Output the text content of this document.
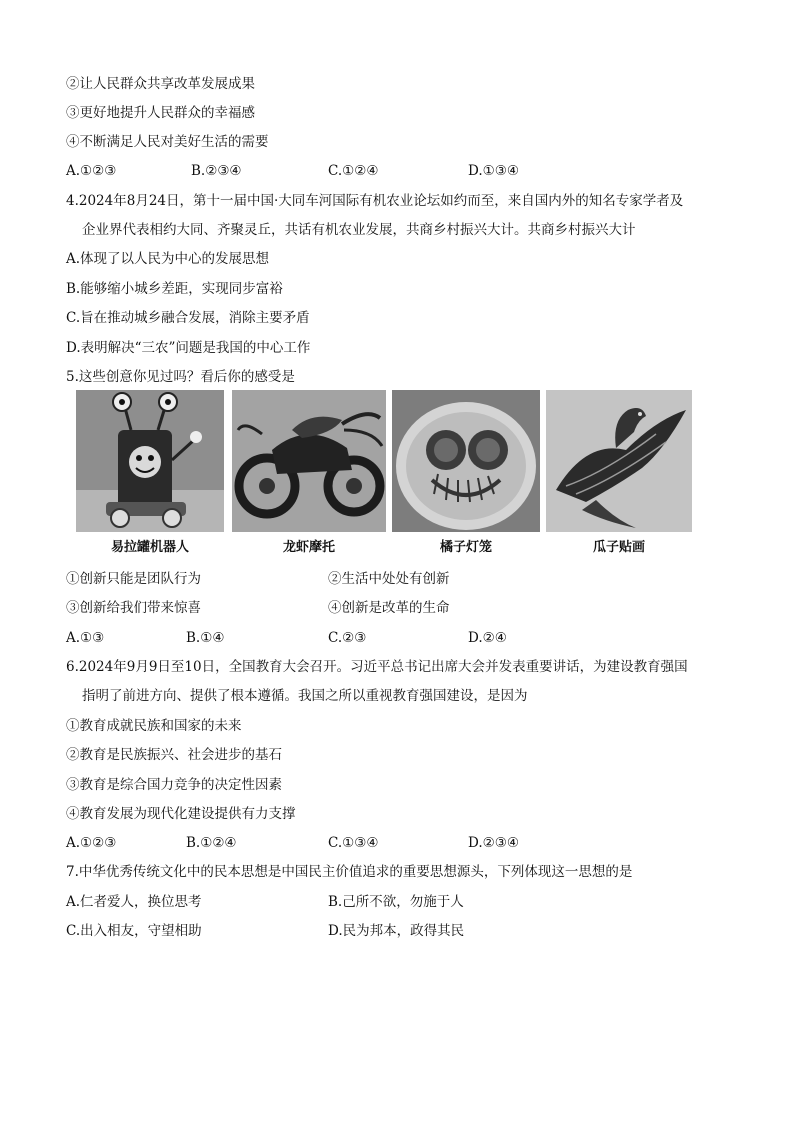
②让人民群众共享改革发展成果
③更好地提升人民群众的幸福感
④不断满足人民对美好生活的需要
A.①②③	B.②③④	C.①②④	D.①③④
4.2024年8月24日，第十一届中国·大同车河国际有机农业论坛如约而至，来自国内外的知名专家学者及
企业界代表相约大同、齐聚灵丘，共话有机农业发展，共商乡村振兴大计。共商乡村振兴大计
A.体现了以人民为中心的发展思想
B.能够缩小城乡差距，实现同步富裕
C.旨在推动城乡融合发展，消除主要矛盾
D.表明解决“三农”问题是我国的中心工作
5.这些创意你见过吗？看后你的感受是
易拉罐机器人	龙虾摩托	橘子灯笼	瓜子贴画
①创新只能是团队行为	②生活中处处有创新
③创新给我们带来惊喜	④创新是改革的生命
A.①③	B.①④	C.②③	D.②④
6.2024年9月9日至10日，全国教育大会召开。习近平总书记出席大会并发表重要讲话，为建设教育强国
指明了前进方向、提供了根本遵循。我国之所以重视教育强国建设，是因为
①教育成就民族和国家的未来
②教育是民族振兴、社会进步的基石
③教育是综合国力竞争的决定性因素
④教育发展为现代化建设提供有力支撑
A.①②③	B.①②④	C.①③④	D.②③④
7.中华优秀传统文化中的民本思想是中国民主价值追求的重要思想源头，下列体现这一思想的是
A.仁者爱人，换位思考	B.己所不欲，勿施于人
C.出入相友，守望相助	D.民为邦本，政得其民
